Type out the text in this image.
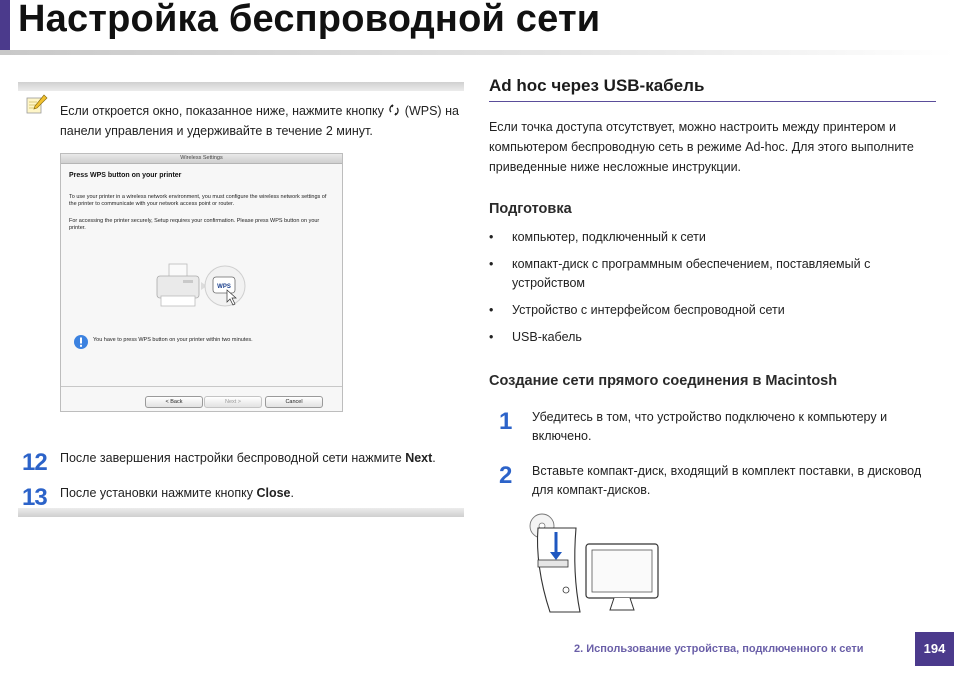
Настройка беспроводной сети
Если откроется окно, показанное ниже, нажмите кнопку  (WPS) на панели управления и удерживайте в течение 2 минут.
Wireless Settings
Press WPS button on your printer
To use your printer in a wireless network environment, you must configure the wireless network settings of the printer to communicate with your network access point or router.
For accessing the printer securely, Setup requires your confirmation. Please press WPS button on your printer.
WPS
You have to press WPS button on your printer within two minutes.
< Back	Next >	Cancel
12 После завершения настройки беспроводной сети нажмите Next.
13 После установки нажмите кнопку Close.
Ad hoc через USB-кабель
Если точка доступа отсутствует, можно настроить между принтером и компьютером беспроводную сеть в режиме Ad-hoc. Для этого выполните приведенные ниже несложные инструкции.
Подготовка
• компьютер, подключенный к сети
• компакт-диск с программным обеспечением, поставляемый с устройством
• Устройство с интерфейсом беспроводной сети
• USB-кабель
Создание сети прямого соединения в Macintosh
1 Убедитесь в том, что устройство подключено к компьютеру и включено.
2 Вставьте компакт-диск, входящий в комплект поставки, в дисковод для компакт-дисков.
2. Использование устройства, подключенного к сети	194
